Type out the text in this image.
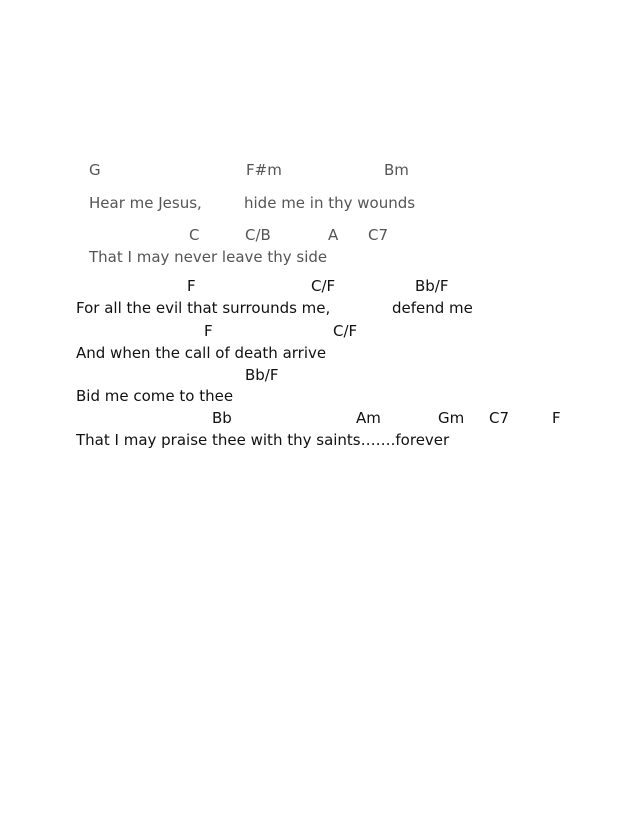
G	F#m	Bm
Hear me Jesus,	hide me in thy wounds
C	C/B	A C7
That I may never leave thy side
F	C/F	Bb/F
For all the evil that surrounds me,	defend me
F	C/F
And when the call of death arrive
Bb/F
Bid me come to thee
Bb	Am	Gm C7	F
That I may praise thee with thy saints…….forever
